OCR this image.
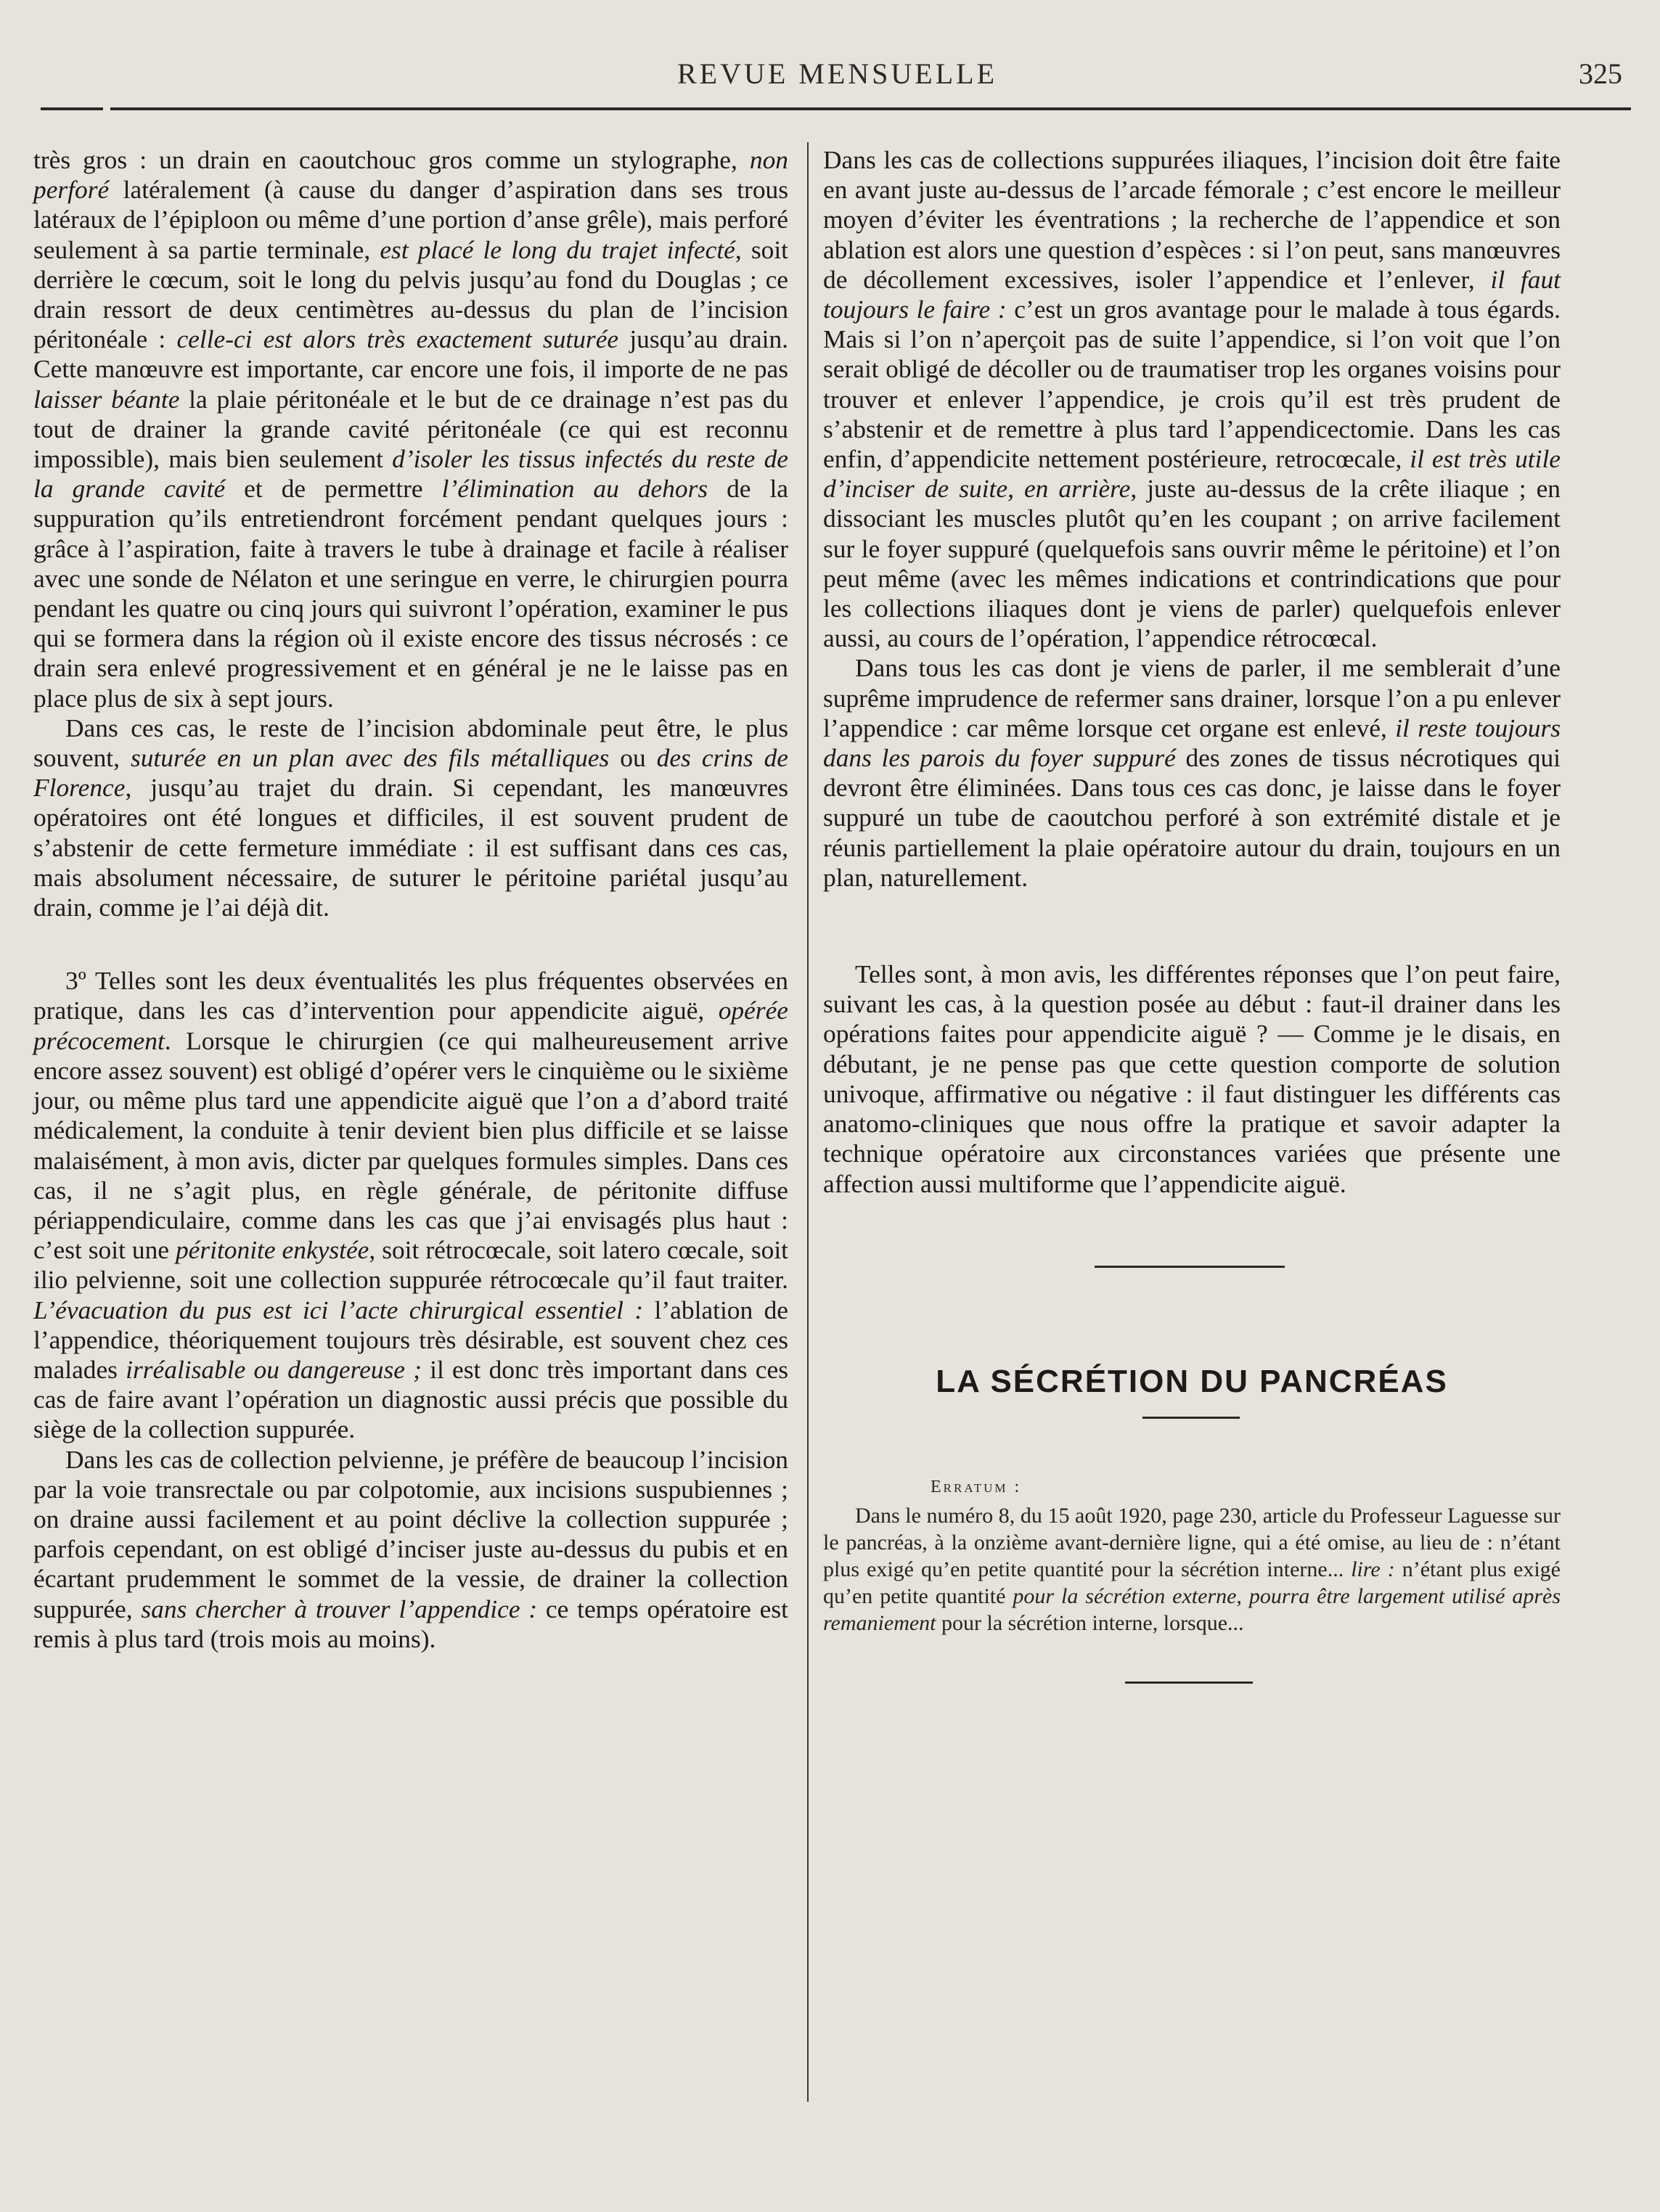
REVUE MENSUELLE	325

très gros : un drain en caoutchouc gros comme un stylographe, non perforé latéralement (à cause du danger d’aspiration dans ses trous latéraux de l’épiploon ou même d’une portion d’anse grêle), mais perforé seulement à sa partie terminale, est placé le long du trajet infecté, soit derrière le cœcum, soit le long du pelvis jusqu’au fond du Douglas ; ce drain ressort de deux centimètres au-dessus du plan de l’incision péritonéale : celle-ci est alors très exactement suturée jusqu’au drain. Cette manœuvre est importante, car encore une fois, il importe de ne pas laisser béante la plaie péritonéale et le but de ce drainage n’est pas du tout de drainer la grande cavité péritonéale (ce qui est reconnu impossible), mais bien seulement d’isoler les tissus infectés du reste de la grande cavité et de permettre l’élimination au dehors de la suppuration qu’ils entretiendront forcément pendant quelques jours : grâce à l’aspiration, faite à travers le tube à drainage et facile à réaliser avec une sonde de Nélaton et une seringue en verre, le chirurgien pourra pendant les quatre ou cinq jours qui suivront l’opération, examiner le pus qui se formera dans la région où il existe encore des tissus nécrosés : ce drain sera enlevé progressivement et en général je ne le laisse pas en place plus de six à sept jours.

Dans ces cas, le reste de l’incision abdominale peut être, le plus souvent, suturée en un plan avec des fils métalliques ou des crins de Florence, jusqu’au trajet du drain. Si cependant, les manœuvres opératoires ont été longues et difficiles, il est souvent prudent de s’abstenir de cette fermeture immédiate : il est suffisant dans ces cas, mais absolument nécessaire, de suturer le péritoine pariétal jusqu’au drain, comme je l’ai déjà dit.

3º Telles sont les deux éventualités les plus fréquentes observées en pratique, dans les cas d’intervention pour appendicite aiguë, opérée précocement. Lorsque le chirurgien (ce qui malheureusement arrive encore assez souvent) est obligé d’opérer vers le cinquième ou le sixième jour, ou même plus tard une appendicite aiguë que l’on a d’abord traité médicalement, la conduite à tenir devient bien plus difficile et se laisse malaisément, à mon avis, dicter par quelques formules simples. Dans ces cas, il ne s’agit plus, en règle générale, de péritonite diffuse périappendiculaire, comme dans les cas que j’ai envisagés plus haut : c’est soit une péritonite enkystée, soit rétrocœcale, soit latero cœcale, soit ilio pelvienne, soit une collection suppurée rétrocœcale qu’il faut traiter. L’évacuation du pus est ici l’acte chirurgical essentiel : l’ablation de l’appendice, théoriquement toujours très désirable, est souvent chez ces malades irréalisable ou dangereuse ; il est donc très important dans ces cas de faire avant l’opération un diagnostic aussi précis que possible du siège de la collection suppurée.

Dans les cas de collection pelvienne, je préfère de beaucoup l’incision par la voie transrectale ou par colpotomie, aux incisions suspubiennes ; on draine aussi facilement et au point déclive la collection suppurée ; parfois cependant, on est obligé d’inciser juste au-dessus du pubis et en écartant prudemment le sommet de la vessie, de drainer la collection suppurée, sans chercher à trouver l’appendice : ce temps opératoire est remis à plus tard (trois mois au moins).

Dans les cas de collections suppurées iliaques, l’incision doit être faite en avant juste au-dessus de l’arcade fémorale ; c’est encore le meilleur moyen d’éviter les éventrations ; la recherche de l’appendice et son ablation est alors une question d’espèces : si l’on peut, sans manœuvres de décollement excessives, isoler l’appendice et l’enlever, il faut toujours le faire : c’est un gros avantage pour le malade à tous égards. Mais si l’on n’aperçoit pas de suite l’appendice, si l’on voit que l’on serait obligé de décoller ou de traumatiser trop les organes voisins pour trouver et enlever l’appendice, je crois qu’il est très prudent de s’abstenir et de remettre à plus tard l’appendicectomie. Dans les cas enfin, d’appendicite nettement postérieure, retrocœcale, il est très utile d’inciser de suite, en arrière, juste au-dessus de la crête iliaque ; en dissociant les muscles plutôt qu’en les coupant ; on arrive facilement sur le foyer suppuré (quelquefois sans ouvrir même le péritoine) et l’on peut même (avec les mêmes indications et contrindications que pour les collections iliaques dont je viens de parler) quelquefois enlever aussi, au cours de l’opération, l’appendice rétrocœcal.

Dans tous les cas dont je viens de parler, il me semblerait d’une suprême imprudence de refermer sans drainer, lorsque l’on a pu enlever l’appendice : car même lorsque cet organe est enlevé, il reste toujours dans les parois du foyer suppuré des zones de tissus nécrotiques qui devront être éliminées. Dans tous ces cas donc, je laisse dans le foyer suppuré un tube de caoutchou perforé à son extrémité distale et je réunis partiellement la plaie opératoire autour du drain, toujours en un plan, naturellement.

Telles sont, à mon avis, les différentes réponses que l’on peut faire, suivant les cas, à la question posée au début : faut-il drainer dans les opérations faites pour appendicite aiguë ? — Comme je le disais, en débutant, je ne pense pas que cette question comporte de solution univoque, affirmative ou négative : il faut distinguer les différents cas anatomo-cliniques que nous offre la pratique et savoir adapter la technique opératoire aux circonstances variées que présente une affection aussi multiforme que l’appendicite aiguë.

LA SÉCRÉTION DU PANCRÉAS
Erratum :

Dans le numéro 8, du 15 août 1920, page 230, article du Professeur Laguesse sur le pancréas, à la onzième avant-dernière ligne, qui a été omise, au lieu de : n’étant plus exigé qu’en petite quantité pour la sécrétion interne... lire : n’étant plus exigé qu’en petite quantité pour la sécrétion externe, pourra être largement utilisé après remaniement pour la sécrétion interne, lorsque...
